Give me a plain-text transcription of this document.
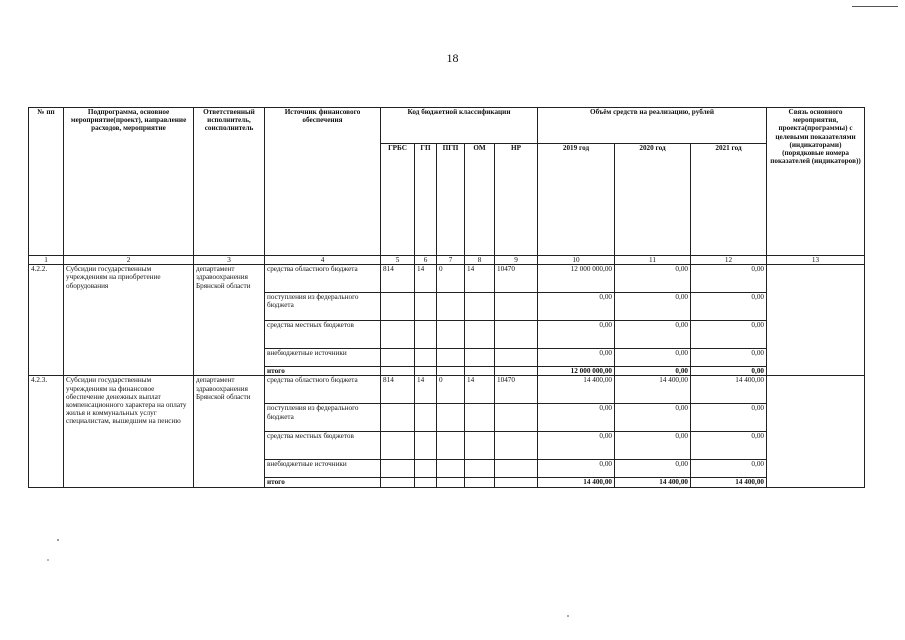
18
№ пп	Подпрограмма, основное мероприятие(проект), направление расходов, мероприятие	Ответственный исполнитель, соисполнитель	Источник финансового обеспечения	Код бюджетной классификации					Объём средств на реализацию, рублей			Связь основного мероприятия, проекта(программы) с целевыми показателями (индикаторами) (порядковые номера показателей (индикаторов))
				ГРБС	ГП	ПГП	ОМ	НР	2019 год	2020 год	2021 год	
1	2	3	4	5	6	7	8	9	10	11	12	13
4.2.2.	Субсидии государственным учреждениям на приобретение оборудования	департамент здравоохранения Брянской области	средства областного бюджета	814	14	0	14	10470	12 000 000,00	0,00	0,00	
			поступления из федерального бюджета						0,00	0,00	0,00	
			средства местных бюджетов						0,00	0,00	0,00	
			внебюджетные источники						0,00	0,00	0,00	
			итого						12 000 000,00	0,00	0,00	
4.2.3.	Субсидии государственным учреждениям на финансовое обеспечение денежных выплат компенсационного характера на оплату жилья и коммунальных услуг специалистам, вышедшим на пенсию	департамент здравоохранения Брянской области	средства областного бюджета	814	14	0	14	10470	14 400,00	14 400,00	14 400,00	
			поступления из федерального бюджета						0,00	0,00	0,00	
			средства местных бюджетов						0,00	0,00	0,00	
			внебюджетные источники						0,00	0,00	0,00	
			итого						14 400,00	14 400,00	14 400,00	
